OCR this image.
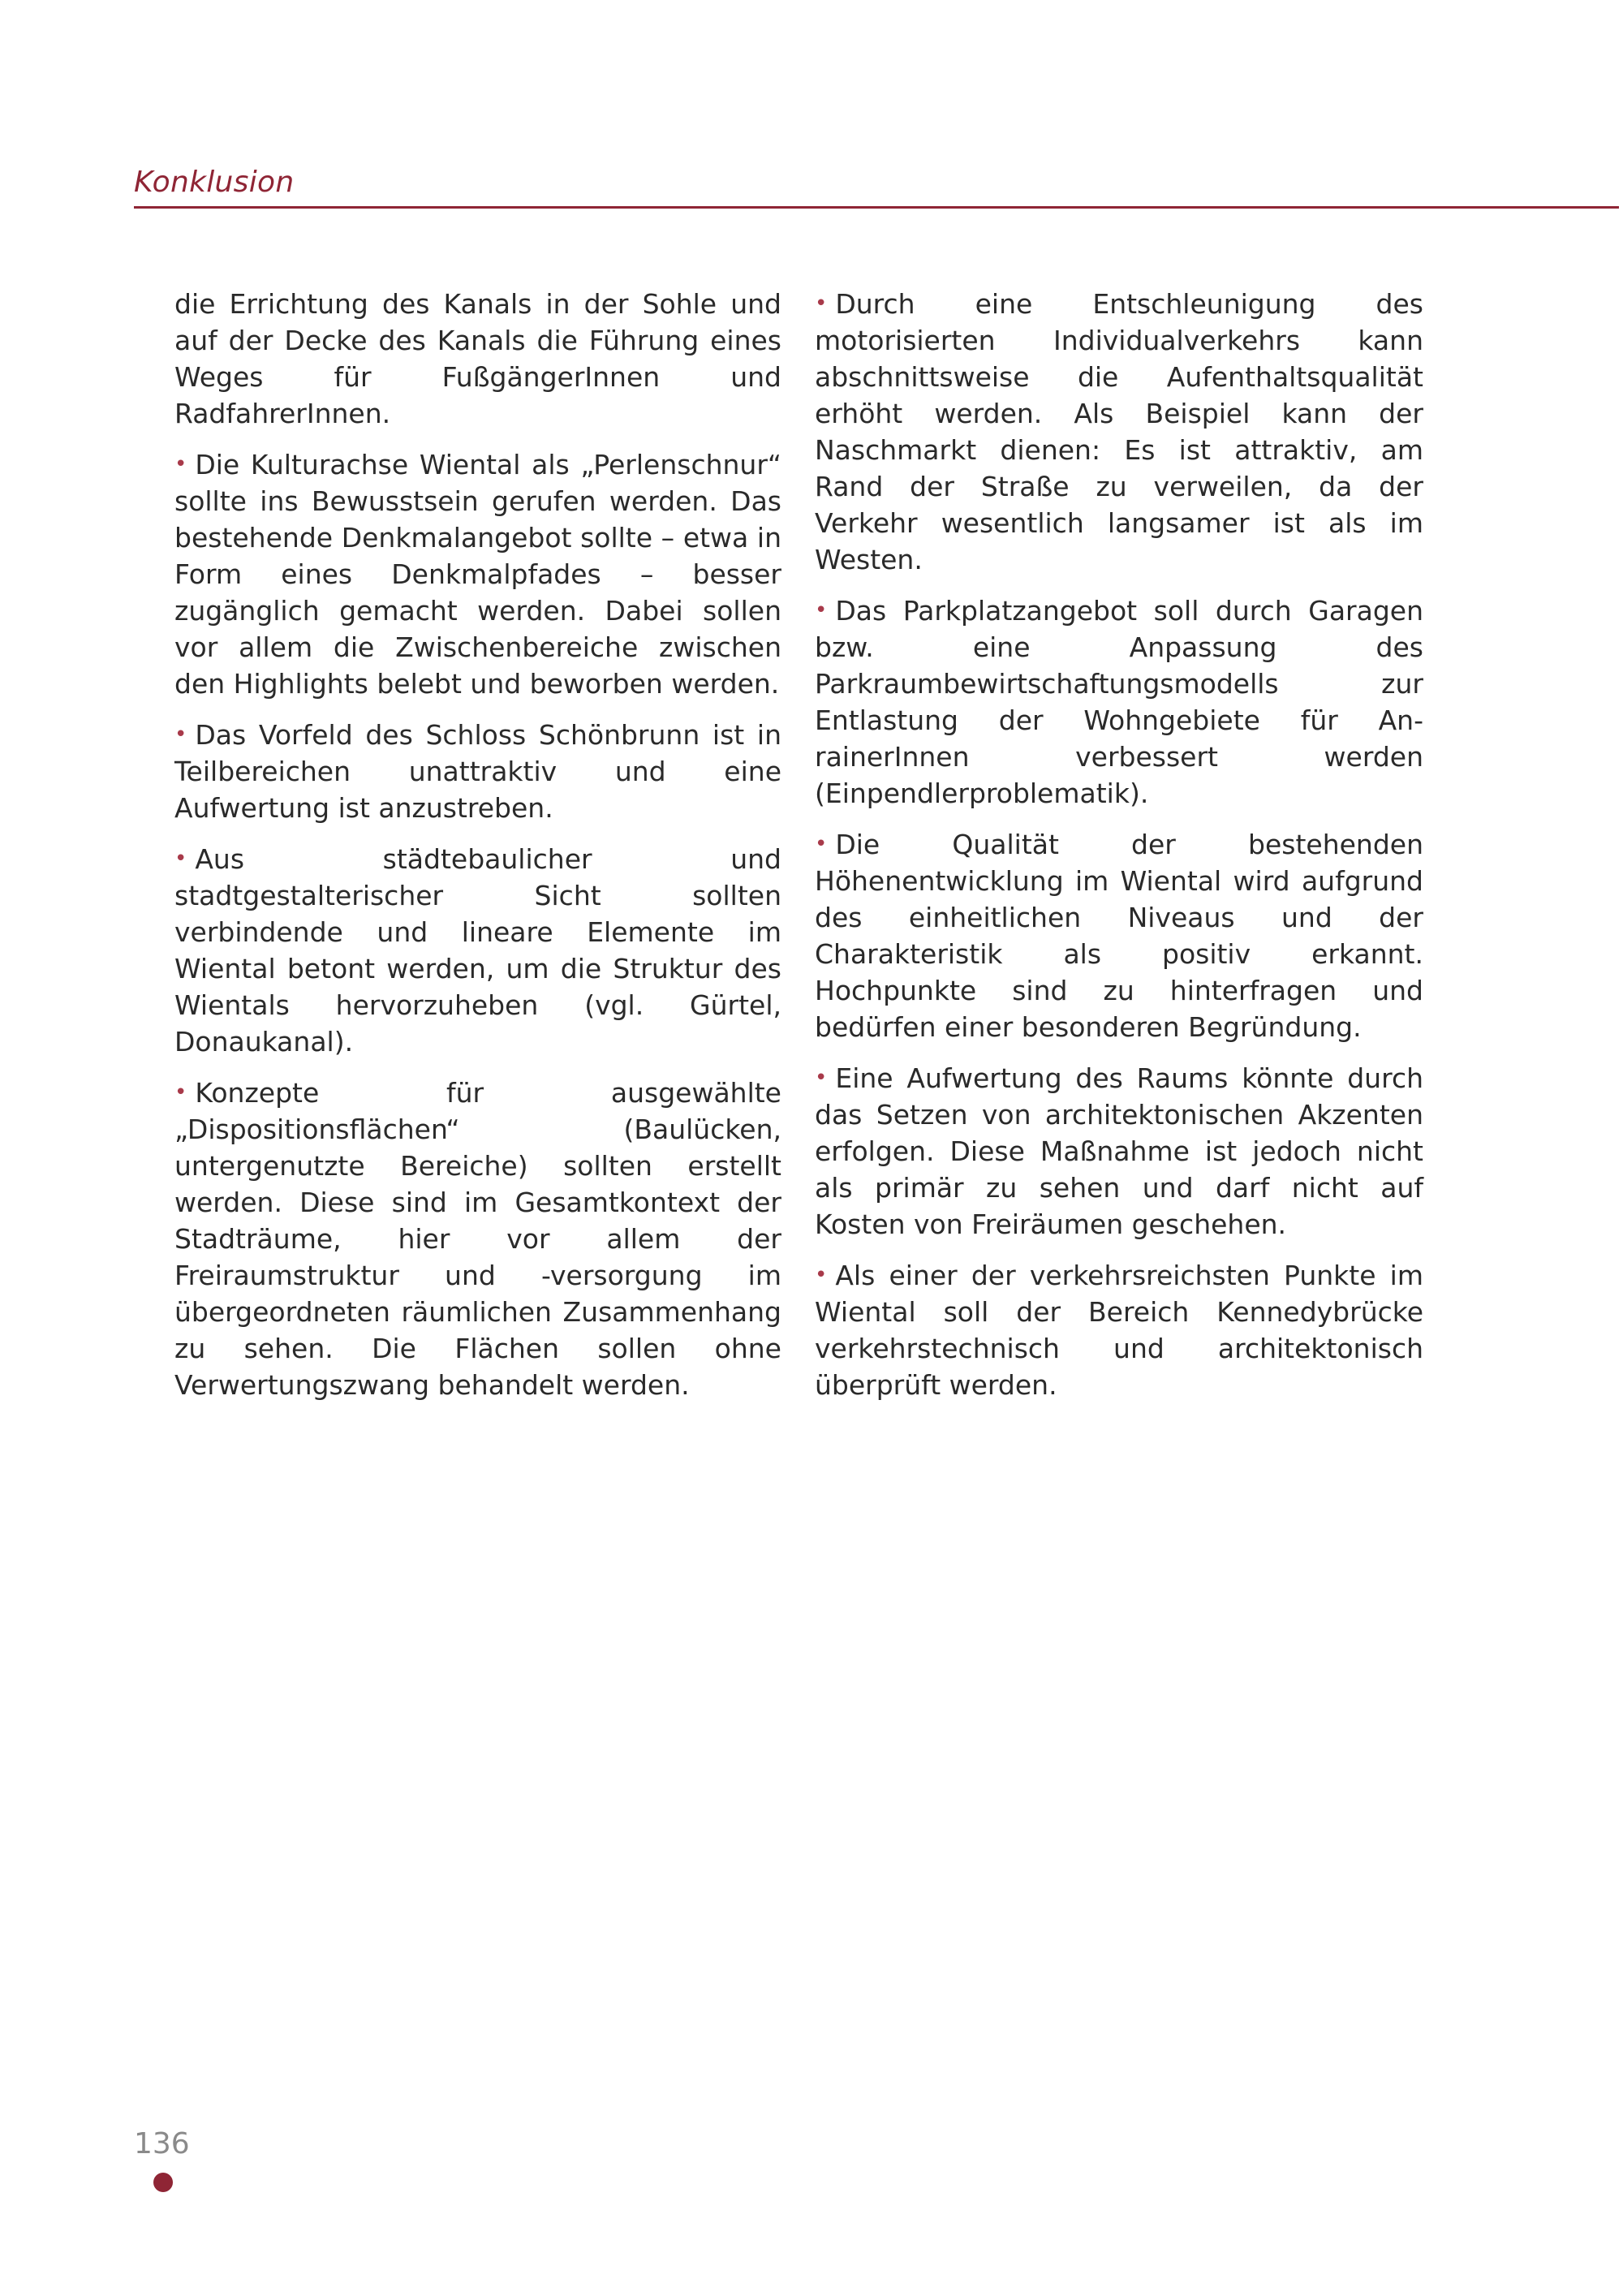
Konklusion

die Errichtung des Kanals in der Sohle und auf der Decke des Kanals die Führung eines Weges für FußgängerInnen und RadfahrerInnen.

• Die Kulturachse Wiental als „Perlenschnur“ sollte ins Bewusstsein gerufen werden. Das bestehende Denkmalangebot sollte – etwa in Form eines Denkmalpfades – besser zugänglich gemacht werden. Dabei sollen vor allem die Zwischenbereiche zwischen den Highlights belebt und beworben werden.

• Das Vorfeld des Schloss Schönbrunn ist in Teilbereichen unattraktiv und eine Aufwertung ist anzustreben.

• Aus städtebaulicher und stadtgestalterischer Sicht sollten verbindende und lineare Elemente im Wiental betont werden, um die Struktur des Wientals hervorzuheben (vgl. Gürtel, Donaukanal).

• Konzepte für ausgewählte „Dispositionsflächen“ (Baulücken, untergenutzte Bereiche) sollten erstellt werden. Diese sind im Gesamtkontext der Stadträume, hier vor allem der Freiraumstruktur und -versorgung im übergeordneten räumlichen Zusammenhang zu sehen. Die Flächen sollen ohne Verwertungszwang behandelt werden.

• Durch eine Entschleunigung des motorisierten Individualverkehrs kann abschnittsweise die Aufenthaltsqualität erhöht werden. Als Beispiel kann der Naschmarkt dienen: Es ist attraktiv, am Rand der Straße zu verweilen, da der Verkehr wesentlich langsamer ist als im Westen.

• Das Parkplatzangebot soll durch Garagen bzw. eine Anpassung des Parkraumbewirtschaftungsmodells zur Entlastung der Wohngebiete für AnrainerInnen verbessert werden (Einpendlerproblematik).

• Die Qualität der bestehenden Höhenentwicklung im Wiental wird aufgrund des einheitlichen Niveaus und der Charakteristik als positiv erkannt. Hochpunkte sind zu hinterfragen und bedürfen einer besonderen Begründung.

• Eine Aufwertung des Raums könnte durch das Setzen von architektonischen Akzenten erfolgen. Diese Maßnahme ist jedoch nicht als primär zu sehen und darf nicht auf Kosten von Freiräumen geschehen.

• Als einer der verkehrsreichsten Punkte im Wiental soll der Bereich Kennedybrücke verkehrstechnisch und architektonisch überprüft werden.

136
